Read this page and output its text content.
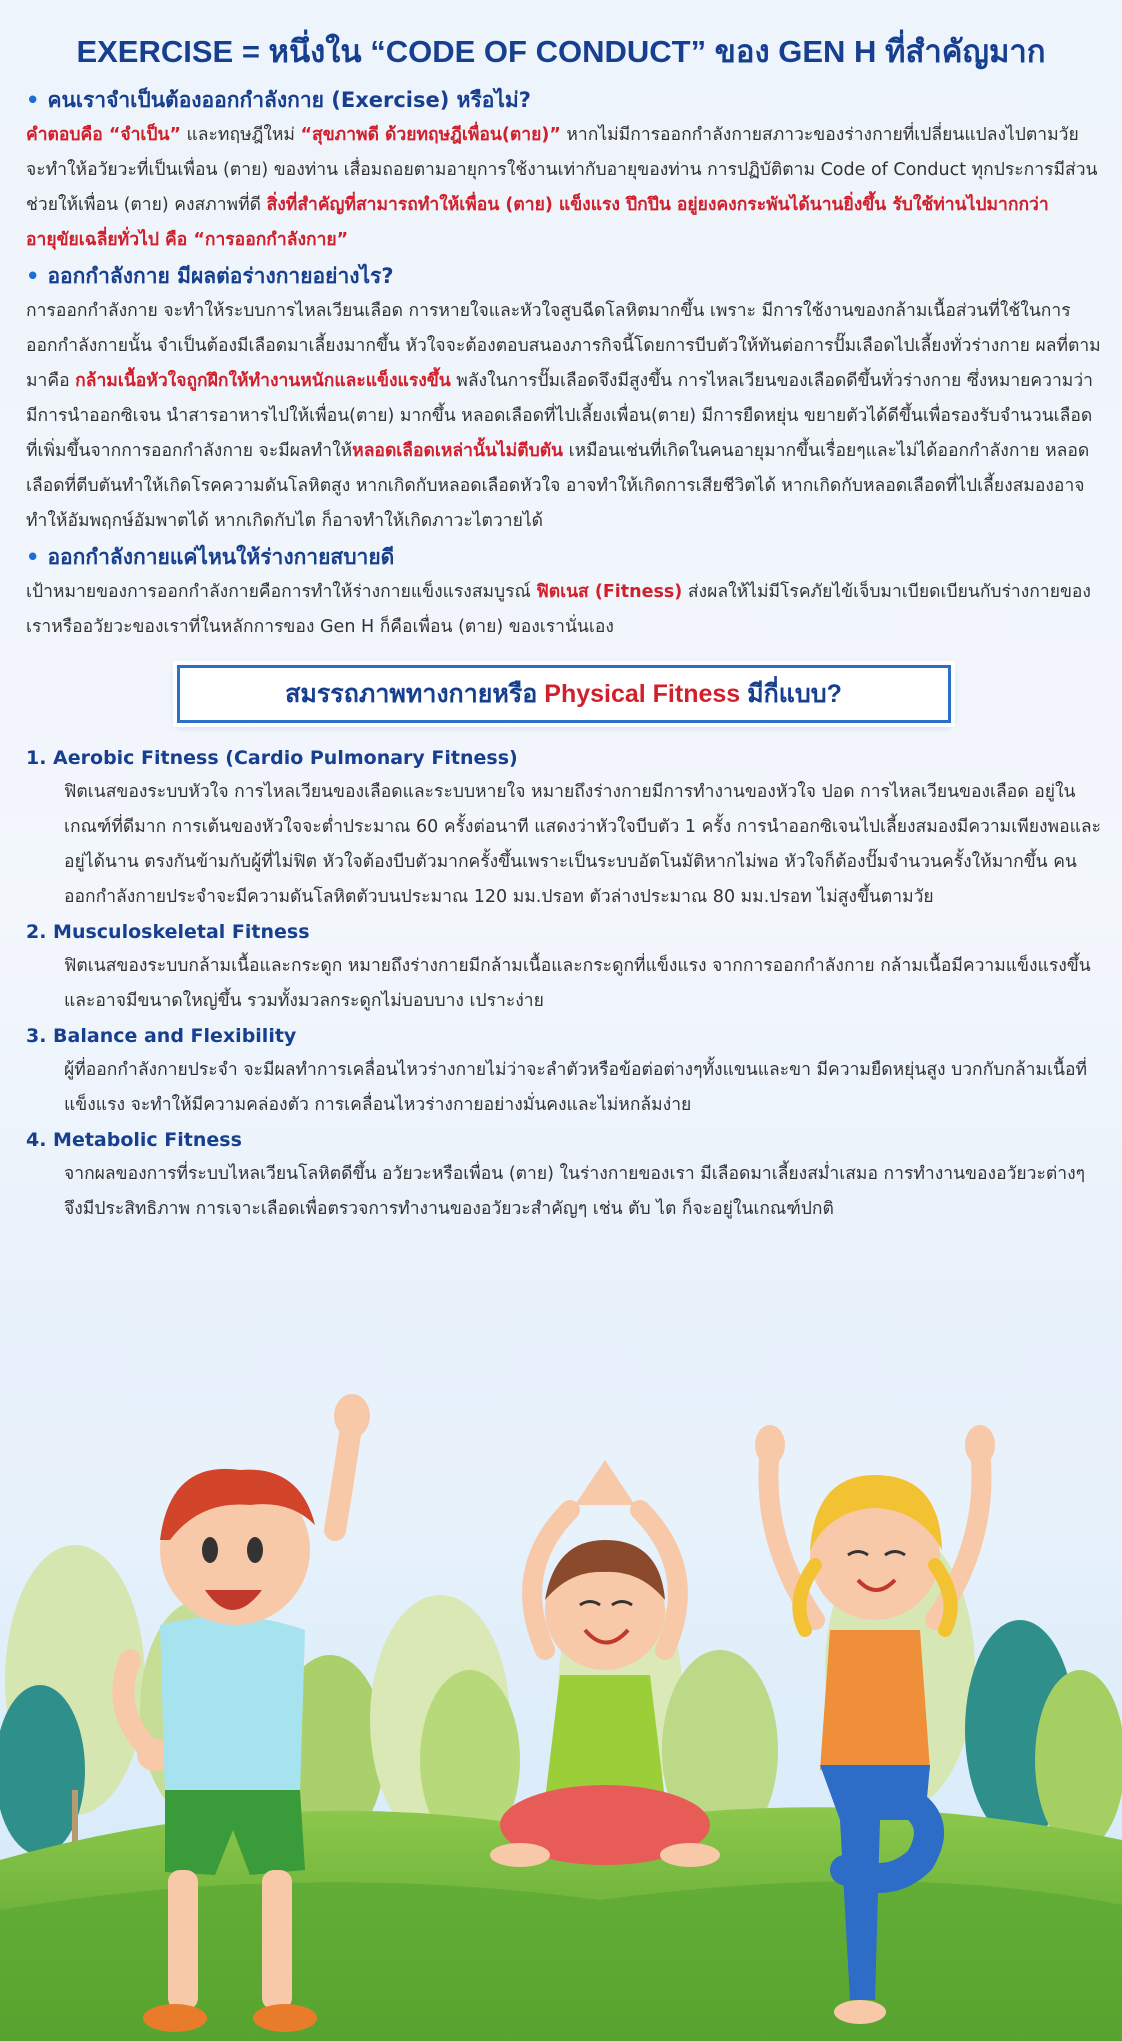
EXERCISE = หนึ่งใน “CODE OF CONDUCT” ของ GEN H ที่สำคัญมาก
• คนเราจำเป็นต้องออกกำลังกาย (Exercise) หรือไม่?

คำตอบคือ “จำเป็น” และทฤษฎีใหม่ “สุขภาพดี ด้วยทฤษฎีเพื่อน(ตาย)” หากไม่มีการออกกำลังกายสภาวะของร่างกายที่เปลี่ยนแปลงไปตามวัย จะทำให้อวัยวะที่เป็นเพื่อน (ตาย) ของท่าน เสื่อมถอยตามอายุการใช้งานเท่ากับอายุของท่าน การปฏิบัติตาม Code of Conduct ทุกประการมีส่วนช่วยให้เพื่อน (ตาย) คงสภาพที่ดี สิ่งที่สำคัญที่สามารถทำให้เพื่อน (ตาย) แข็งแรง ปึกปึน อยู่ยงคงกระพันได้นานยิ่งขึ้น รับใช้ท่านไปมากกว่าอายุขัยเฉลี่ยทั่วไป คือ “การออกกำลังกาย”

• ออกกำลังกาย มีผลต่อร่างกายอย่างไร?

การออกกำลังกาย จะทำให้ระบบการไหลเวียนเลือด การหายใจและหัวใจสูบฉีดโลหิตมากขึ้น เพราะ มีการใช้งานของกล้ามเนื้อส่วนที่ใช้ในการออกกำลังกายนั้น จำเป็นต้องมีเลือดมาเลี้ยงมากขึ้น หัวใจจะต้องตอบสนองภารกิจนี้โดยการบีบตัวให้ทันต่อการปั๊มเลือดไปเลี้ยงทั่วร่างกาย ผลที่ตามมาคือ กล้ามเนื้อหัวใจถูกฝึกให้ทำงานหนักและแข็งแรงขึ้น พลังในการปั๊มเลือดจึงมีสูงขึ้น การไหลเวียนของเลือดดีขึ้นทั่วร่างกาย ซึ่งหมายความว่ามีการนำออกซิเจน นำสารอาหารไปให้เพื่อน(ตาย) มากขึ้น หลอดเลือดที่ไปเลี้ยงเพื่อน(ตาย) มีการยืดหยุ่น ขยายตัวได้ดีขึ้นเพื่อรองรับจำนวนเลือดที่เพิ่มขึ้นจากการออกกำลังกาย จะมีผลทำให้หลอดเลือดเหล่านั้นไม่ตีบตัน เหมือนเช่นที่เกิดในคนอายุมากขึ้นเรื่อยๆและไม่ได้ออกกำลังกาย หลอดเลือดที่ตีบตันทำให้เกิดโรคความดันโลหิตสูง หากเกิดกับหลอดเลือดหัวใจ อาจทำให้เกิดการเสียชีวิตได้ หากเกิดกับหลอดเลือดที่ไปเลี้ยงสมองอาจทำให้อัมพฤกษ์อัมพาตได้ หากเกิดกับไต ก็อาจทำให้เกิดภาวะไตวายได้

• ออกกำลังกายแค่ไหนให้ร่างกายสบายดี

เป้าหมายของการออกกำลังกายคือการทำให้ร่างกายแข็งแรงสมบูรณ์ ฟิตเนส (Fitness) ส่งผลให้ไม่มีโรคภัยไข้เจ็บมาเบียดเบียนกับร่างกายของเราหรืออวัยวะของเราที่ในหลักการของ Gen H ก็คือเพื่อน (ตาย) ของเรานั่นเอง

สมรรถภาพทางกายหรือ Physical Fitness มีกี่แบบ?
1. Aerobic Fitness (Cardio Pulmonary Fitness)

ฟิตเนสของระบบหัวใจ การไหลเวียนของเลือดและระบบหายใจ หมายถึงร่างกายมีการทำงานของหัวใจ ปอด การไหลเวียนของเลือด อยู่ในเกณฑ์ที่ดีมาก การเต้นของหัวใจจะต่ำประมาณ 60 ครั้งต่อนาที แสดงว่าหัวใจบีบตัว 1 ครั้ง การนำออกซิเจนไปเลี้ยงสมองมีความเพียงพอและอยู่ได้นาน ตรงกันข้ามกับผู้ที่ไม่ฟิต หัวใจต้องบีบตัวมากครั้งขึ้นเพราะเป็นระบบอัตโนมัติหากไม่พอ หัวใจก็ต้องปั๊มจำนวนครั้งให้มากขึ้น คนออกกำลังกายประจำจะมีความดันโลหิตตัวบนประมาณ 120 มม.ปรอท ตัวล่างประมาณ 80 มม.ปรอท ไม่สูงขึ้นตามวัย

2. Musculoskeletal Fitness

ฟิตเนสของระบบกล้ามเนื้อและกระดูก หมายถึงร่างกายมีกล้ามเนื้อและกระดูกที่แข็งแรง จากการออกกำลังกาย กล้ามเนื้อมีความแข็งแรงขึ้นและอาจมีขนาดใหญ่ขึ้น รวมทั้งมวลกระดูกไม่บอบบาง เปราะง่าย

3. Balance and Flexibility

ผู้ที่ออกกำลังกายประจำ จะมีผลทำการเคลื่อนไหวร่างกายไม่ว่าจะลำตัวหรือข้อต่อต่างๆทั้งแขนและขา มีความยืดหยุ่นสูง บวกกับกล้ามเนื้อที่แข็งแรง จะทำให้มีความคล่องตัว การเคลื่อนไหวร่างกายอย่างมั่นคงและไม่หกล้มง่าย

4. Metabolic Fitness

จากผลของการที่ระบบไหลเวียนโลหิตดีขึ้น อวัยวะหรือเพื่อน (ตาย) ในร่างกายของเรา มีเลือดมาเลี้ยงสม่ำเสมอ การทำงานของอวัยวะต่างๆจึงมีประสิทธิภาพ การเจาะเลือดเพื่อตรวจการทำงานของอวัยวะสำคัญๆ เช่น ตับ ไต ก็จะอยู่ในเกณฑ์ปกติ
